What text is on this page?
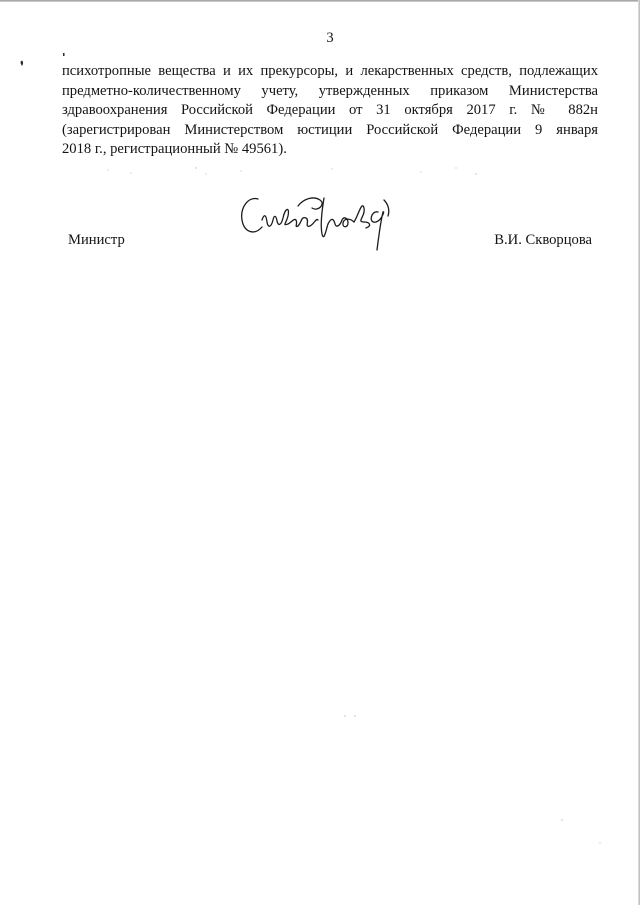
3
психотропные вещества и их прекурсоры, и лекарственных средств, подлежащих
предметно-количественному учету, утвержденных приказом Министерства
здравоохранения Российской Федерации от 31 октября 2017 г. № 882н
(зарегистрирован Министерством юстиции Российской Федерации 9 января
2018 г., регистрационный № 49561).
Министр	В.И. Скворцова
